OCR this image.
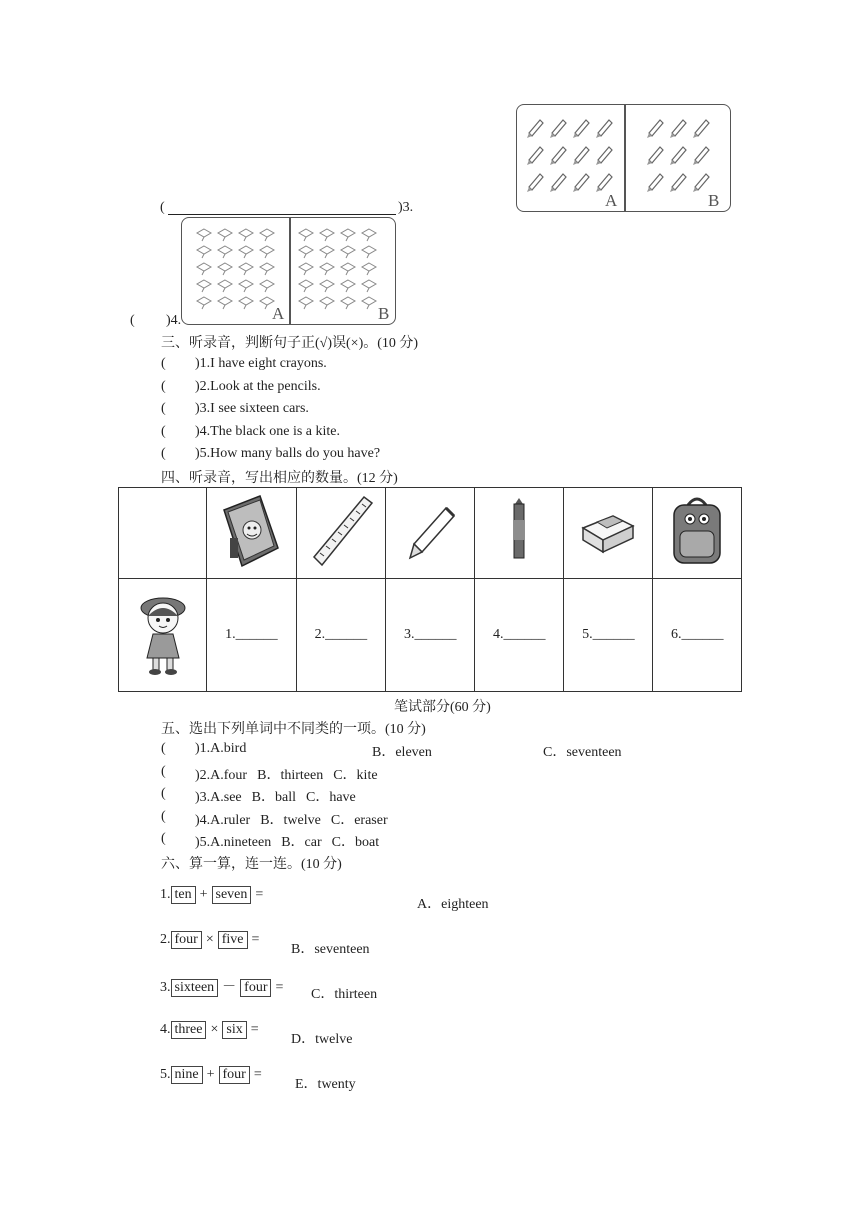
(	)3.	A	B
A	B
( )4.
三、听录音，判断句子正(√)误(×)。(10 分)
( )1.I have eight crayons.
( )2.Look at the pencils.
( )3.I see sixteen cars.
( )4.The black one is a kite.
( )5.How many balls do you have?
四、听录音，写出相应的数量。(12 分)

	1.______	2.______	3.______	4.______	5.______	6.______
笔试部分(60 分)
五、选出下列单词中不同类的一项。(10 分)
( )1.A.bird	B．eleven	C．seventeen
( )2.A.four B．thirteen C．kite
( )3.A.see B．ball C．have
( )4.A.ruler B．twelve C．eraser
( )5.A.nineteen B．car C．boat
六、算一算，连一连。(10 分)
1. ten + seven =
A．eighteen
2. four × five =
B．seventeen
3. sixteen － four = C．thirteen
4. three × six =
D．twelve
5. nine + four =
E．twenty
